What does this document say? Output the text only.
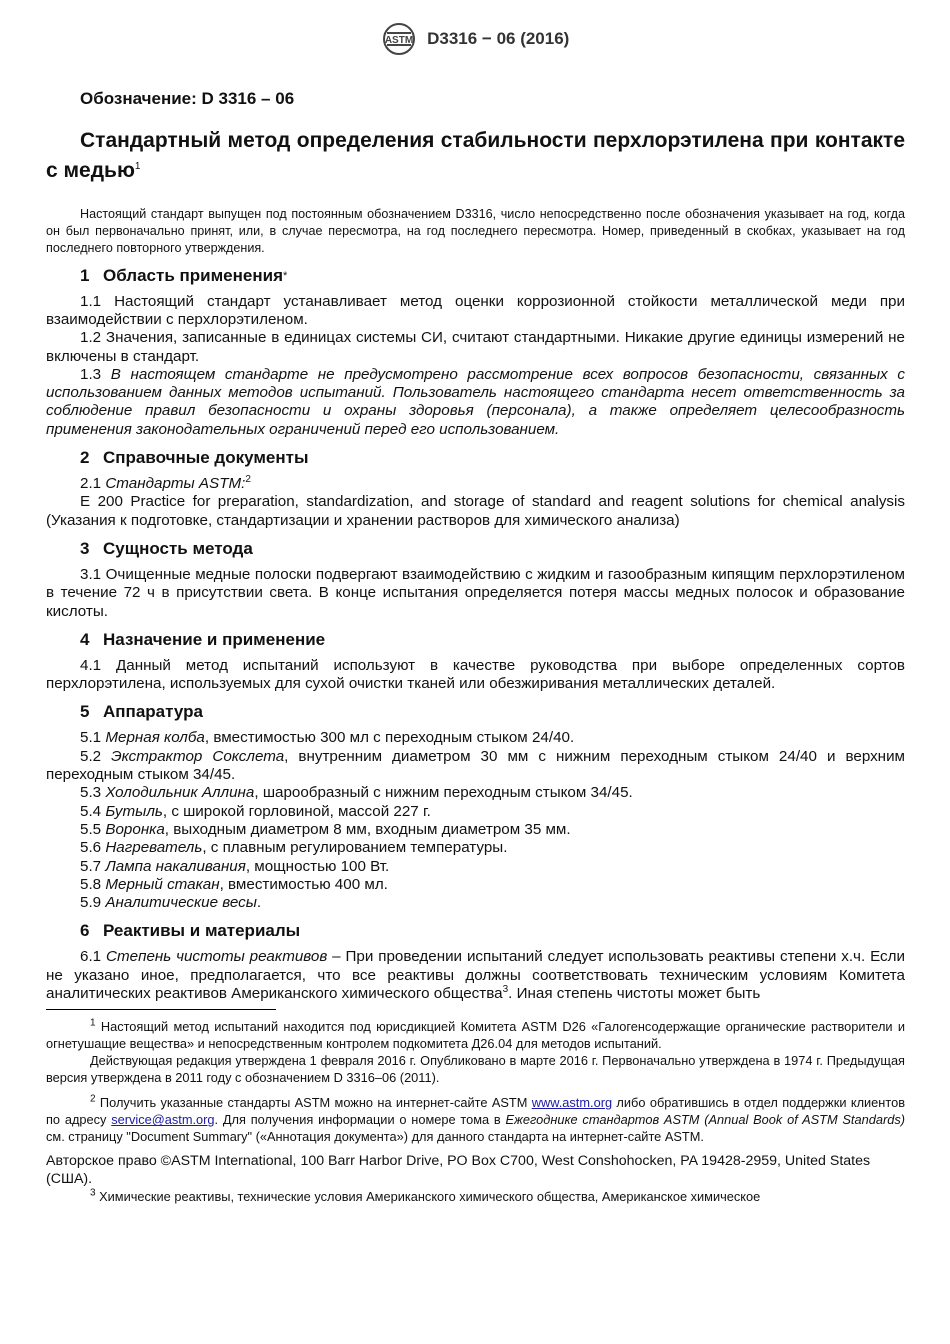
ASTM D3316 − 06 (2016)

Обозначение: D 3316 – 06

Стандартный метод определения стабильности перхлорэтилена при контакте с медью$^1$

Настоящий стандарт выпущен под постоянным обозначением D3316, число непосредственно после обозначения указывает на год, когда он был первоначально принят, или, в случае пересмотра, на год последнего пересмотра. Номер, приведенный в скобках, указывает на год последнего повторного утверждения.

1 Область применения*

1.1 Настоящий стандарт устанавливает метод оценки коррозионной стойкости металлической меди при взаимодействии с перхлорэтиленом.

1.2 Значения, записанные в единицах системы СИ, считают стандартными. Никакие другие единицы измерений не включены в стандарт.

1.3 В настоящем стандарте не предусмотрено рассмотрение всех вопросов безопасности, связанных с использованием данных методов испытаний. Пользователь настоящего стандарта несет ответственность за соблюдение правил безопасности и охраны здоровья (персонала), а также определяет целесообразность применения законодательных ограничений перед его использованием.

2 Справочные документы

2.1 Стандарты ASTM:$^2$

E 200 Practice for preparation, standardization, and storage of standard and reagent solutions for chemical analysis (Указания к подготовке, стандартизации и хранении растворов для химического анализа)

3 Сущность метода

3.1 Очищенные медные полоски подвергают взаимодействию с жидким и газообразным кипящим перхлорэтиленом в течение 72 ч в присутствии света. В конце испытания определяется потеря массы медных полосок и образование кислоты.

4 Назначение и применение

4.1 Данный метод испытаний используют в качестве руководства при выборе определенных сортов перхлорэтилена, используемых для сухой очистки тканей или обезжиривания металлических деталей.

5 Аппаратура

5.1 Мерная колба, вместимостью 300 мл с переходным стыком 24/40.

5.2 Экстрактор Сокслета, внутренним диаметром 30 мм с нижним переходным стыком 24/40 и верхним переходным стыком 34/45.

5.3 Холодильник Аллина, шарообразный с нижним переходным стыком 34/45.

5.4 Бутыль, с широкой горловиной, массой 227 г.

5.5 Воронка, выходным диаметром 8 мм, входным диаметром 35 мм.

5.6 Нагреватель, с плавным регулированием температуры.

5.7 Лампа накаливания, мощностью 100 Вт.

5.8 Мерный стакан, вместимостью 400 мл.

5.9 Аналитические весы.

6 Реактивы и материалы

6.1 Степень чистоты реактивов – При проведении испытаний следует использовать реактивы степени х.ч. Если не указано иное, предполагается, что все реактивы должны соответствовать техническим условиям Комитета аналитических реактивов Американского химического общества$^3$. Иная степень чистоты может быть

$^1$ Настоящий метод испытаний находится под юрисдикцией Комитета ASTM D26 «Галогенсодержащие органические растворители и огнетушащие вещества» и непосредственным контролем подкомитета Д26.04 для методов испытаний.

Действующая редакция утверждена 1 февраля 2016 г. Опубликовано в марте 2016 г. Первоначально утверждена в 1974 г. Предыдущая версия утверждена в 2011 году с обозначением D 3316–06 (2011).

$^2$ Получить указанные стандарты ASTM можно на интернет-сайте ASTM www.astm.org либо обратившись в отдел поддержки клиентов по адресу service@astm.org. Для получения информации о номере тома в Ежегоднике стандартов ASTM (Annual Book of ASTM Standards) см. страницу "Document Summary" («Аннотация документа») для данного стандарта на интернет-сайте ASTM.

Авторское право ©ASTM International, 100 Barr Harbor Drive, PO Box C700, West Conshohocken, PA 19428-2959, United States (США).

$^3$ Химические реактивы, технические условия Американского химического общества, Американское химическое
